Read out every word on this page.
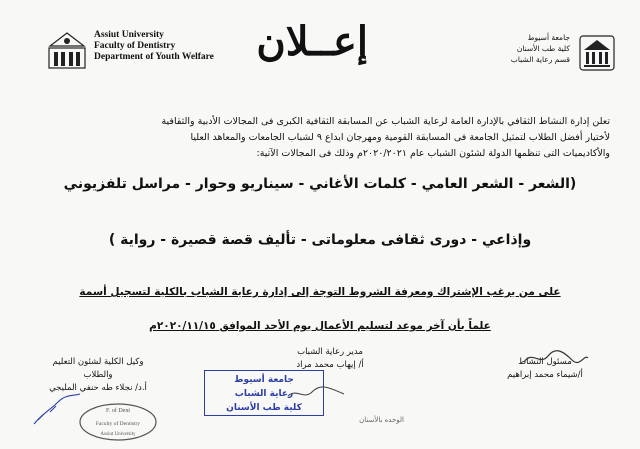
Assiut University
Faculty of Dentistry
Department of Youth Welfare إعــلان	جامعة أسيوط
كلية طب الأسنان
قسم رعاية الشباب
تعلن إدارة النشاط الثقافي بالإدارة العامة لرعاية الشباب عن المسابقة الثقافية الكبرى فى المجالات الأدبية والثقافية
لأختيار أفضل الطلاب لتمثيل الجامعة فى المسابقة القومية ومهرجان ابداع ٩ لشباب الجامعات والمعاهد العليا
والأكاديميات التى تنظمها الدولة لشئون الشباب عام ٢٠٢٠/٢٠٢١م وذلك فى المجالات الآتية:
(الشعر - الشعر العامي - كلمات الأغاني - سيناريو وحوار - مراسل تلفزيوني
وإذاعي - دورى ثقافى معلوماتى - تأليف قصة قصيرة - رواية )
على من يرغب الإشتراك ومعرفة الشروط التوجة إلى إدارة رعاية الشباب بالكلية لتسجيل أسمة
علماً بأن آخر موعد لتسليم الأعمال يوم الأحد الموافق ٢٠٢٠/١١/١٥م
مسئول النشاط
أ/شيماء محمد إبراهيم
مدير رعاية الشباب
أ/ إيهاب محمد مراد
وكيل الكلية لشئون التعليم والطلاب
أ.د/ نجلاء طه حنفي المليجي
جامعة أسيوط
رعاية الشباب
كلية طب الأسنان
F. of Dent
Faculty of Dentistry
Assiut University
الوحده بالأسنان
